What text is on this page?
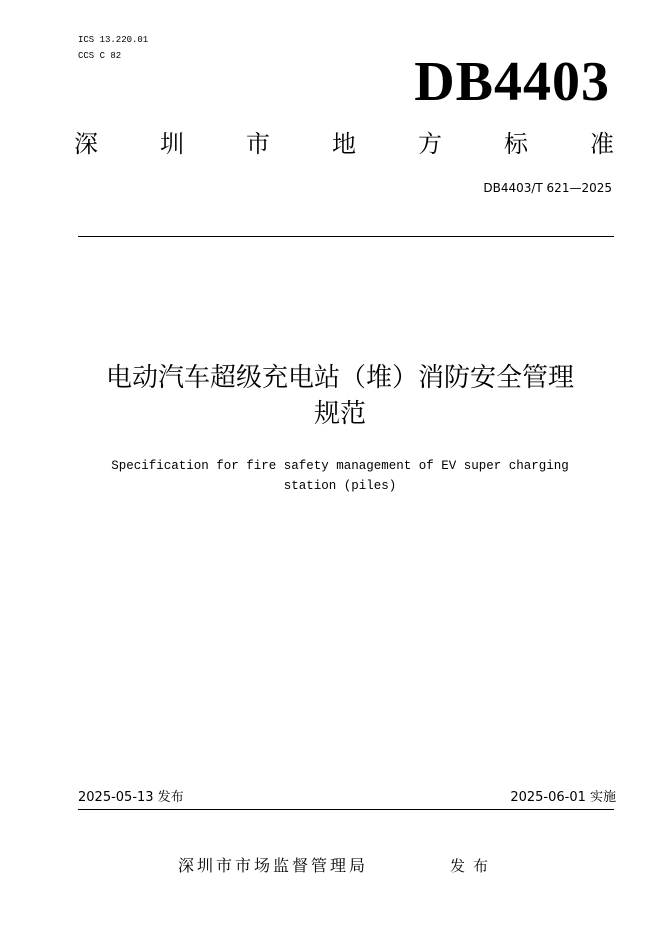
ICS 13.220.01
CCS C 82	DB4403
深	圳	市	地	方	标	准
DB4403/T 621—2025
电动汽车超级充电站（堆）消防安全管理
规范
Specification for fire safety management of EV super charging
station (piles)
2025-05-13 发布	2025-06-01 实施
深圳市市场监督管理局	发布
